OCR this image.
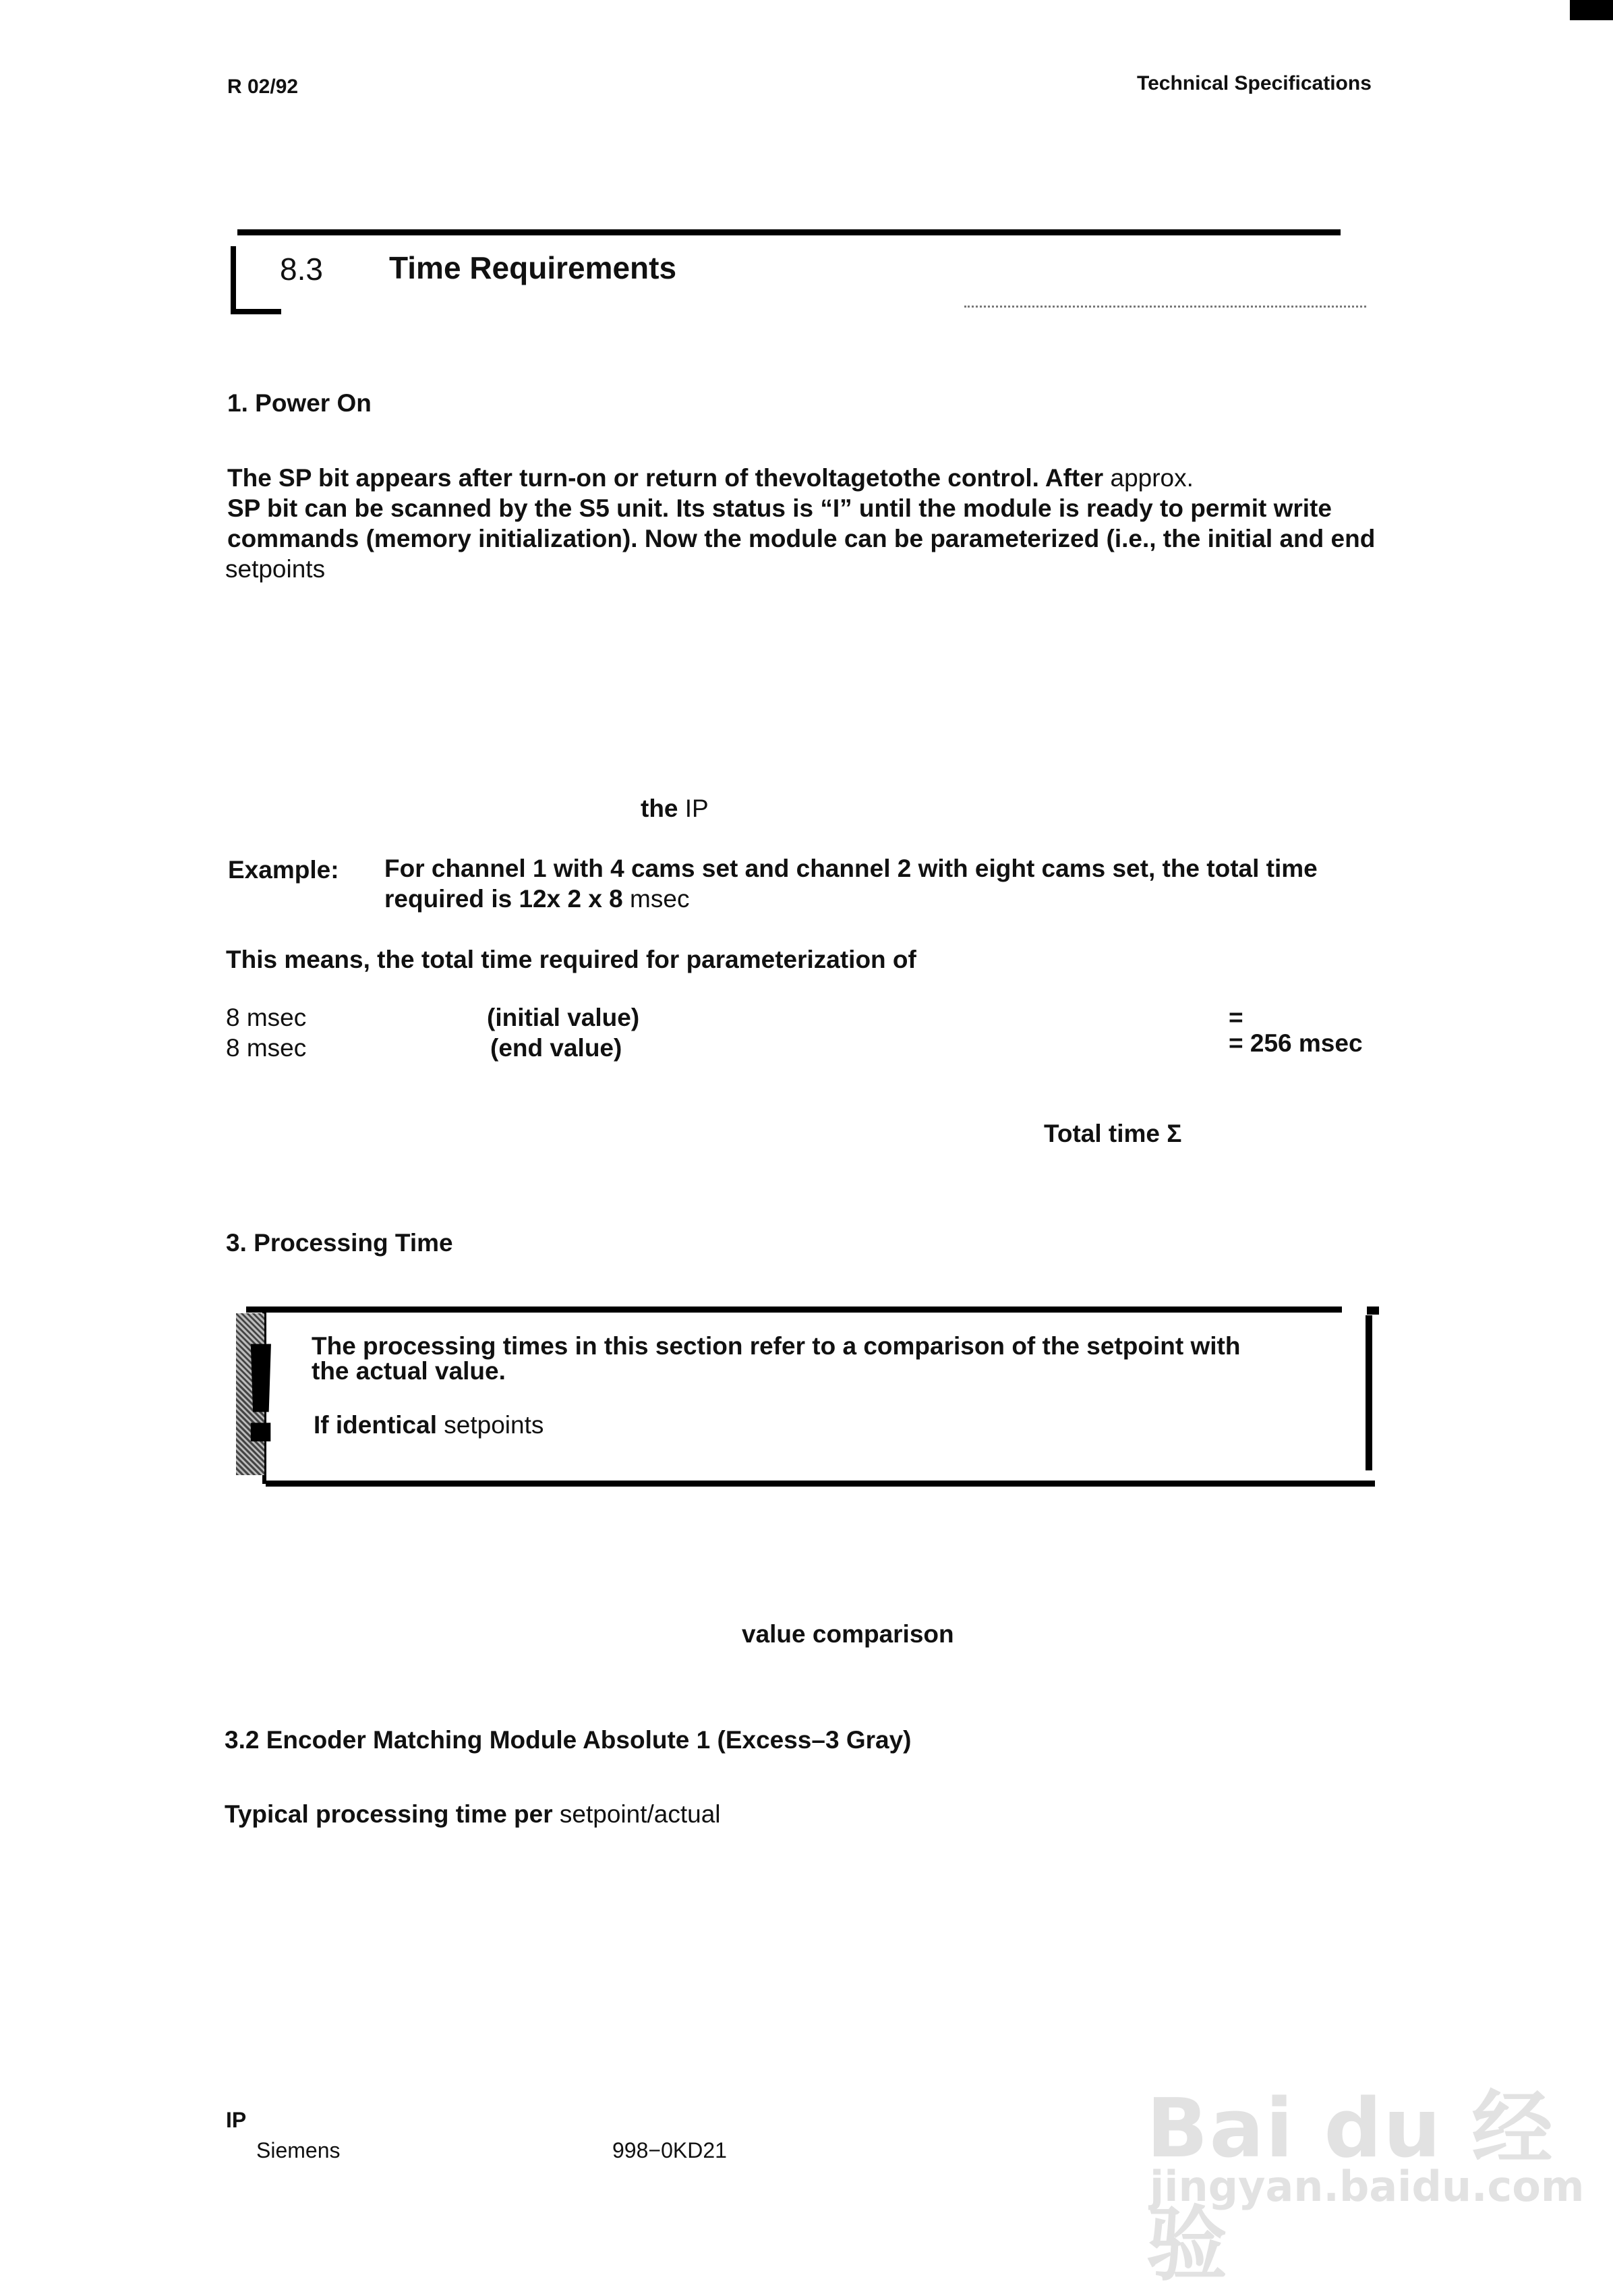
R 02/92	Technical Specifications
8.3 Time Requirements
1. Power On
The SP bit appears after turn-on or return of thevoltagetothe control. After approx.
SP bit can be scanned by the S5 unit. Its status is “I” until the module is ready to permit write
commands (memory initialization). Now the module can be parameterized (i.e., the initial and end
setpoints
the IP
Example: For channel 1 with 4 cams set and channel 2 with eight cams set, the total time
required is 12x 2 x 8 msec
This means, the total time required for parameterization of
8 msec	(initial value)	=
8 msec	(end value)	= 256 msec
Total time Σ
3. Processing Time
! The processing times in this section refer to a comparison of the setpoint with
the actual value.
If identical setpoints
value comparison
3.2 Encoder Matching Module Absolute 1 (Excess–3 Gray)
Typical processing time per setpoint/actual
IP
Siemens	998−0KD21	Bai du 经验
jingyan.baidu.com
